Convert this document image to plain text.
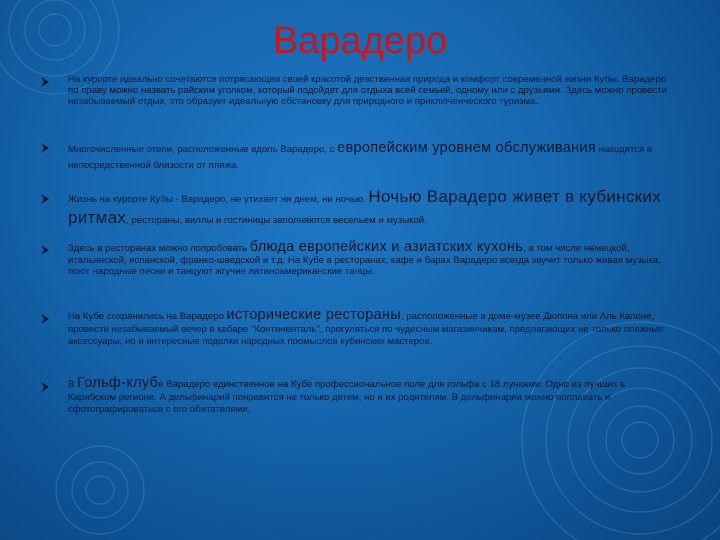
Варадеро
На курорте идеально сочетаются потрясающая своей красотой девственная природа и комфорт современной жизни Кубы. Варадеро по праву можно назвать райским уголком, который подойдет для отдыха всей семьей, одному или с друзьями. Здесь можно провести незабываемый отдых, это образует идеальную обстановку для природного и приключенческого туризма.
Многочисленные отели, расположенные вдоль Варадеро, с европейским уровнем обслуживания находятся в непосредственной близости от пляжа.
Жизнь на курорте Кубы - Варадеро, не утихает ни днем, ни ночью. Ночью Варадеро живет в кубинских ритмах, рестораны, виллы и гостиницы заполняются весельем и музыкой.
Здесь в ресторанах можно попробовать блюда европейских и азиатских кухонь, в том числе немецкой, итальянской, испанской, франко-шведской и т.д. На Кубе в ресторанах, кафе и барах Варадеро всегда звучит только живая музыка, поют народные песни и танцуют жгучие латиноамериканские танцы.
На Кубе сохранились на Варадеро исторические рестораны, расположенные в доме-музее Дюпона или Аль Капоне, провести незабываемый вечер в кабаре "Континенталь", прогуляться по чудесным магазинчикам, предлагающих не только пляжные аксессуары, но и интересные поделки народных промыслов кубинских мастеров.
В Гольф-клубе Варадеро единственное на Кубе профессиональное поле для гольфа с 18 лунками. Одно из лучших в Карибском регионе. А дельфинарий понравится не только детям, но и их родителям. В дельфинарии можно поплавать и сфотографироваться с его обитателями.
